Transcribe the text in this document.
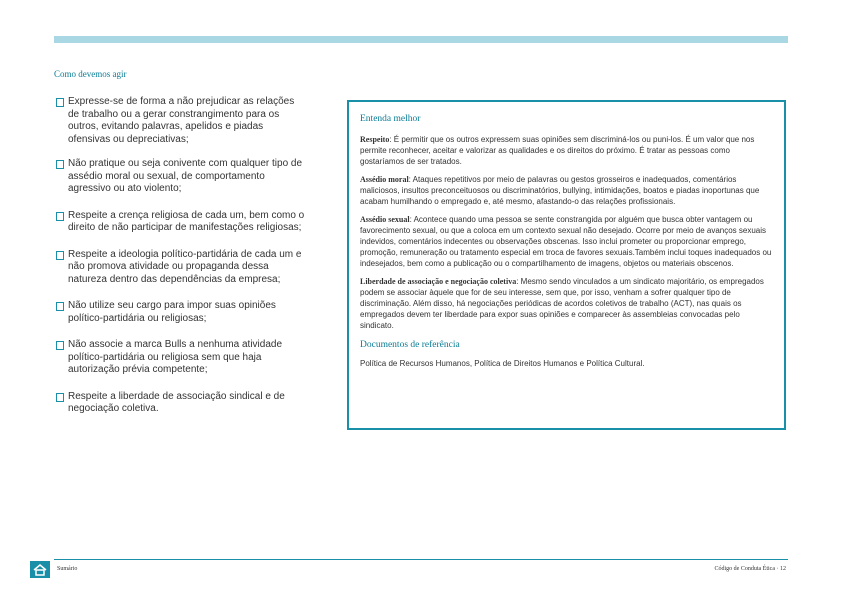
Como devemos agir
Expresse-se de forma a não prejudicar as relações de trabalho ou a gerar constrangimento para os outros, evitando palavras, apelidos e piadas ofensivas ou depreciativas;
Não pratique ou seja conivente com qualquer tipo de assédio moral ou sexual, de comportamento agressivo ou ato violento;
Respeite a crença religiosa de cada um, bem como o direito de não participar de manifestações religiosas;
Respeite a ideologia político-partidária de cada um e não promova atividade ou propaganda dessa natureza dentro das dependências da empresa;
Não utilize seu cargo para impor suas opiniões político-partidária ou religiosas;
Não associe a marca Bulls a nenhuma atividade político-partidária ou religiosa sem que haja autorização prévia competente;
Respeite a liberdade de associação sindical e de negociação coletiva.
Entenda melhor

Respeito: É permitir que os outros expressem suas opiniões sem discriminá-los ou puni-los. É um valor que nos permite reconhecer, aceitar e valorizar as qualidades e os direitos do próximo. É tratar as pessoas como gostaríamos de ser tratados.

Assédio moral: Ataques repetitivos por meio de palavras ou gestos grosseiros e inadequados, comentários maliciosos, insultos preconceituosos ou discriminatórios, bullying, intimidações, boatos e piadas inoportunas que acabam humilhando o empregado e, até mesmo, afastando-o das relações profissionais.

Assédio sexual: Acontece quando uma pessoa se sente constrangida por alguém que busca obter vantagem ou favorecimento sexual, ou que a coloca em um contexto sexual não desejado. Ocorre por meio de avanços sexuais indevidos, comentários indecentes ou observações obscenas. Isso inclui prometer ou proporcionar emprego, promoção, remuneração ou tratamento especial em troca de favores sexuais.Também inclui toques inadequados ou indesejados, bem como a publicação ou o compartilhamento de imagens, objetos ou materiais obscenos.

Liberdade de associação e negociação coletiva: Mesmo sendo vinculados a um sindicato majoritário, os empregados podem se associar àquele que for de seu interesse, sem que, por isso, venham a sofrer qualquer tipo de discriminação. Além disso, há negociações periódicas de acordos coletivos de trabalho (ACT), nas quais os empregados devem ter liberdade para expor suas opiniões e comparecer às assembleias convocadas pelo sindicato.

Documentos de referência

Política de Recursos Humanos, Política de Direitos Humanos e Política Cultural.

Sumário	Código de Conduta Ética · 12
